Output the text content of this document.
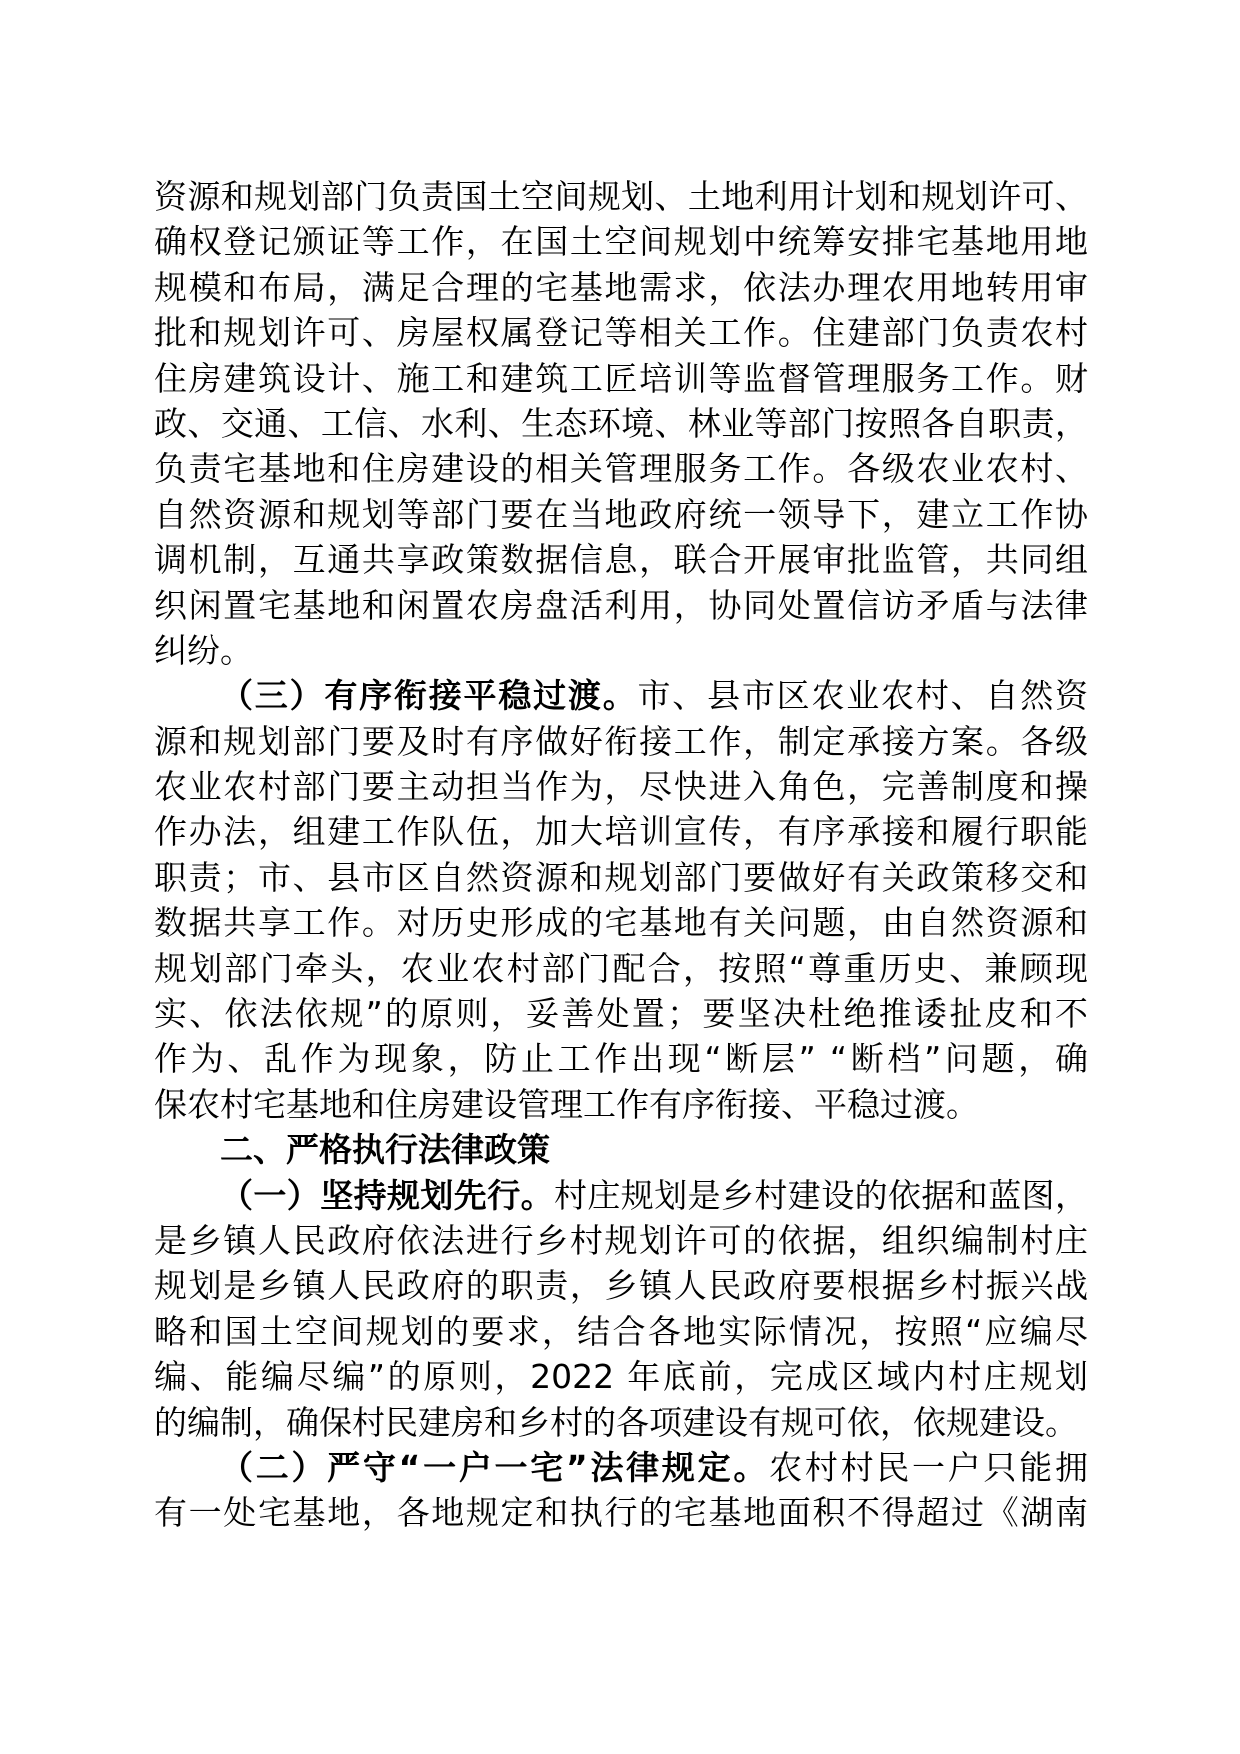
资源和规划部门负责国土空间规划、土地利用计划和规划许可、
确权登记颁证等工作，在国土空间规划中统筹安排宅基地用地
规模和布局，满足合理的宅基地需求，依法办理农用地转用审
批和规划许可、房屋权属登记等相关工作。住建部门负责农村
住房建筑设计、施工和建筑工匠培训等监督管理服务工作。财
政、交通、工信、水利、生态环境、林业等部门按照各自职责，
负责宅基地和住房建设的相关管理服务工作。各级农业农村、
自然资源和规划等部门要在当地政府统一领导下，建立工作协
调机制，互通共享政策数据信息，联合开展审批监管，共同组
织闲置宅基地和闲置农房盘活利用，协同处置信访矛盾与法律
纠纷。
（三）有序衔接平稳过渡。市、县市区农业农村、自然资
源和规划部门要及时有序做好衔接工作，制定承接方案。各级
农业农村部门要主动担当作为，尽快进入角色，完善制度和操
作办法，组建工作队伍，加大培训宣传，有序承接和履行职能
职责；市、县市区自然资源和规划部门要做好有关政策移交和
数据共享工作。对历史形成的宅基地有关问题，由自然资源和
规划部门牵头，农业农村部门配合，按照“尊重历史、兼顾现
实、依法依规”的原则，妥善处置；要坚决杜绝推诿扯皮和不
作为、乱作为现象，防止工作出现“断层” “断档”问题，确
保农村宅基地和住房建设管理工作有序衔接、平稳过渡。
二、严格执行法律政策
（一）坚持规划先行。村庄规划是乡村建设的依据和蓝图，
是乡镇人民政府依法进行乡村规划许可的依据，组织编制村庄
规划是乡镇人民政府的职责，乡镇人民政府要根据乡村振兴战
略和国土空间规划的要求，结合各地实际情况，按照“应编尽
编、能编尽编”的原则，2022 年底前，完成区域内村庄规划
的编制，确保村民建房和乡村的各项建设有规可依，依规建设。
（二）严守“一户一宅”法律规定。农村村民一户只能拥
有一处宅基地，各地规定和执行的宅基地面积不得超过《湖南
